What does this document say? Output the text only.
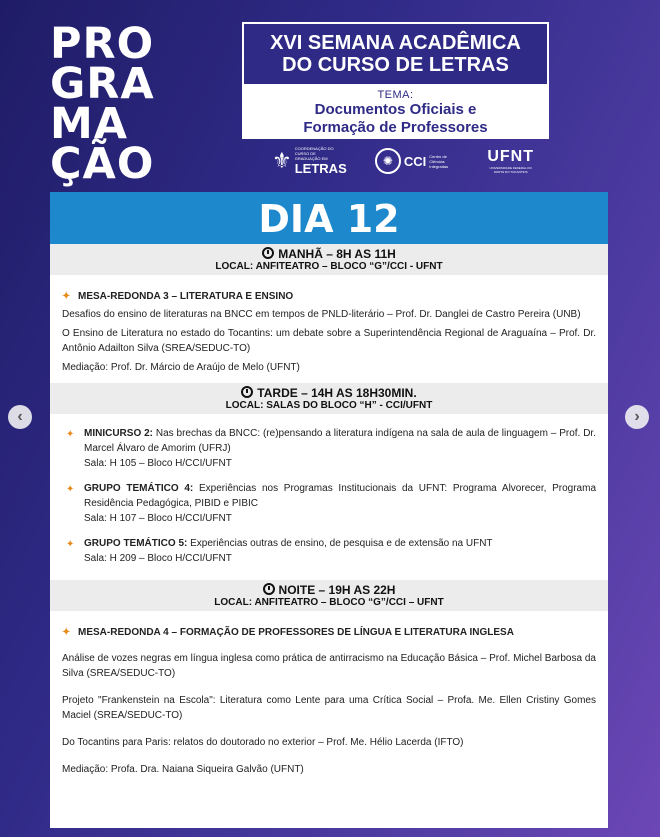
PRO
GRA
MA
ÇÃO
XVI SEMANA ACADÊMICA
DO CURSO DE LETRAS
TEMA:
Documentos Oficiais e
Formação de Professores
⚜ COORDENAÇÃO DO CURSO DE GRADUAÇÃO EM
LETRAS	✺ CCI Centro de Ciências Integradas
UFNT
UNIVERSIDADE FEDERAL DO NORTE DO TOCANTINS
DIA 12
MANHÃ – 8H AS 11H
LOCAL: ANFITEATRO – BLOCO “G”/CCI - UFNT
✦ MESA-REDONDA 3 – LITERATURA E ENSINO

Desafios do ensino de literaturas na BNCC em tempos de PNLD-literário – Prof. Dr. Danglei de Castro Pereira (UNB)

O Ensino de Literatura no estado do Tocantins: um debate sobre a Superintendência Regional de Araguaína – Prof. Dr. Antônio Adailton Silva (SREA/SEDUC-TO)

Mediação: Prof. Dr. Márcio de Araújo de Melo (UFNT)

TARDE – 14H AS 18H30MIN.
LOCAL: SALAS DO BLOCO “H” - CCI/UFNT
✦ MINICURSO 2: Nas brechas da BNCC: (re)pensando a literatura indígena na sala de aula de linguagem – Prof. Dr. Marcel Álvaro de Amorim (UFRJ)
Sala: H 105 – Bloco H/CCI/UFNT
✦ GRUPO TEMÁTICO 4: Experiências nos Programas Institucionais da UFNT: Programa Alvorecer, Programa Residência Pedagógica, PIBID e PIBIC
Sala: H 107 – Bloco H/CCI/UFNT
✦ GRUPO TEMÁTICO 5: Experiências outras de ensino, de pesquisa e de extensão na UFNT
Sala: H 209 – Bloco H/CCI/UFNT
NOITE – 19H AS 22H
LOCAL: ANFITEATRO – BLOCO “G”/CCI – UFNT
✦ MESA-REDONDA 4 – FORMAÇÃO DE PROFESSORES DE LÍNGUA E LITERATURA INGLESA

Análise de vozes negras em língua inglesa como prática de antirracismo na Educação Básica – Prof. Michel Barbosa da Silva (SREA/SEDUC-TO)

Projeto "Frankenstein na Escola": Literatura como Lente para uma Crítica Social – Profa. Me. Ellen Cristiny Gomes Maciel (SREA/SEDUC-TO)

Do Tocantins para Paris: relatos do doutorado no exterior – Prof. Me. Hélio Lacerda (IFTO)

Mediação: Profa. Dra. Naiana Siqueira Galvão (UFNT)

‹	›
